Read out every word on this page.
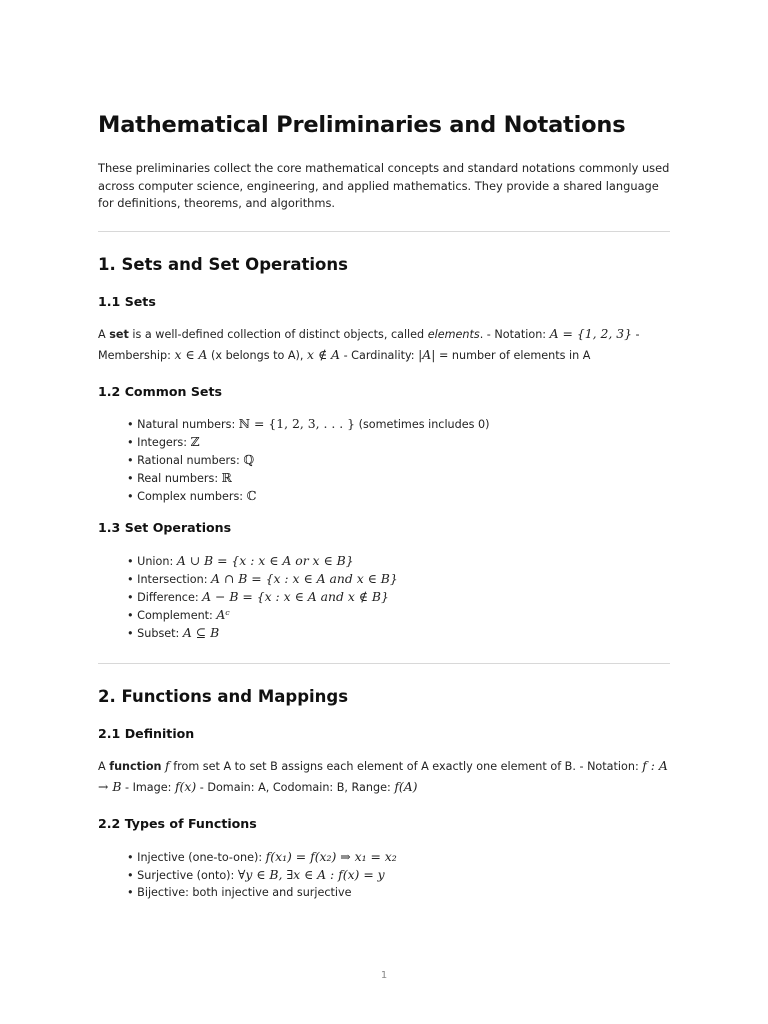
Mathematical Preliminaries and Notations

These preliminaries collect the core mathematical concepts and standard notations commonly used across computer science, engineering, and applied mathematics. They provide a shared language for definitions, theorems, and algorithms.

1. Sets and Set Operations
1.1 Sets

A set is a well-defined collection of distinct objects, called elements. - Notation: A = {1, 2, 3} - Membership: x ∈ A (x belongs to A), x ∉ A - Cardinality: |A| = number of elements in A

1.2 Common Sets
• Natural numbers: ℕ = {1, 2, 3, . . . } (sometimes includes 0)
• Integers: ℤ
• Rational numbers: ℚ
• Real numbers: ℝ
• Complex numbers: ℂ
1.3 Set Operations
• Union: A ∪ B = {x : x ∈ A or x ∈ B}
• Intersection: A ∩ B = {x : x ∈ A and x ∈ B}
• Difference: A − B = {x : x ∈ A and x ∉ B}
• Complement: Aᶜ
• Subset: A ⊆ B
2. Functions and Mappings
2.1 Definition

A function f from set A to set B assigns each element of A exactly one element of B. - Notation: f : A → B - Image: f(x) - Domain: A, Codomain: B, Range: f(A)

2.2 Types of Functions
• Injective (one-to-one): f(x₁) = f(x₂) ⇒ x₁ = x₂
• Surjective (onto): ∀y ∈ B, ∃x ∈ A : f(x) = y
• Bijective: both injective and surjective
1
